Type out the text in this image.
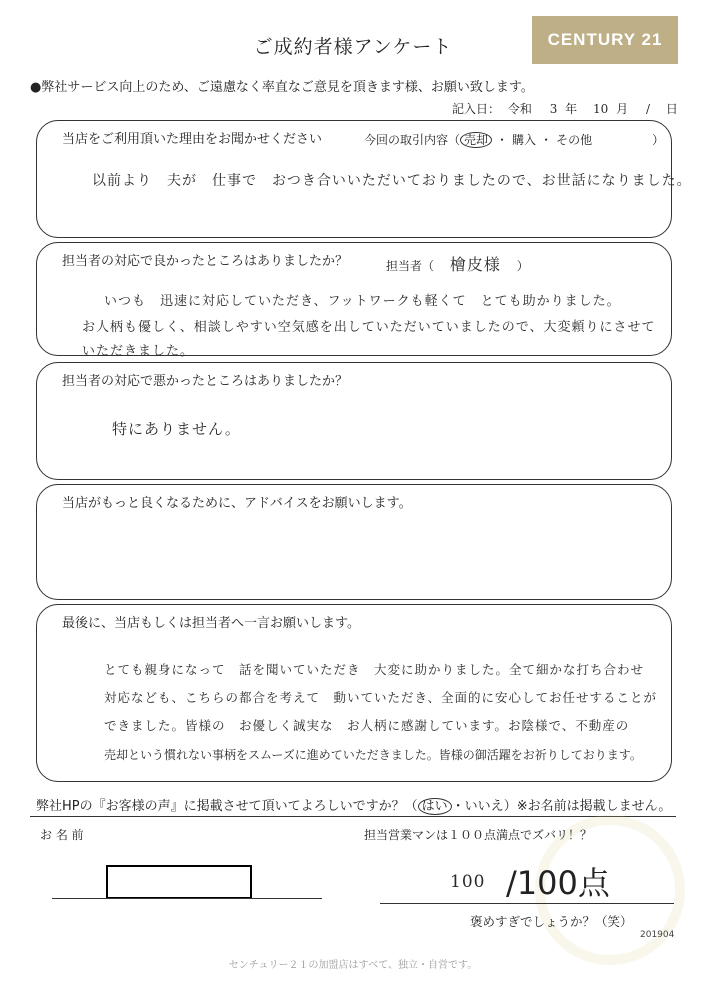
ご成約者様アンケート	CENTURY 21
●弊社サービス向上のため、ご遠慮なく率直なご意見を頂きます様、お願い致します。
記入日： 令和 3 年 10 月 / 日
当店をご利用頂いた理由をお聞かせください	今回の取引内容（ 売却 ・ 購入 ・ その他	）
以前より　夫が　仕事で　おつき合いいただいておりましたので、お世話になりました。
担当者の対応で良かったところはありましたか？	担当者（ 檜皮様 ）
いつも　迅速に対応していただき、フットワークも軽くて　とても助かりました。
お人柄も優しく、相談しやすい空気感を出していただいていましたので、大変頼りにさせて
いただきました。
担当者の対応で悪かったところはありましたか？
特にありません。
当店がもっと良くなるために、アドバイスをお願いします。
最後に、当店もしくは担当者へ一言お願いします。
とても親身になって　話を聞いていただき　大変に助かりました。全て細かな打ち合わせ
対応なども、こちらの都合を考えて　動いていただき、全面的に安心してお任せすることが
できました。皆様の　お優しく誠実な　お人柄に感謝しています。お陰様で、不動産の
売却という慣れない事柄をスムーズに進めていただきました。皆様の御活躍をお祈りしております。
弊社HPの『お客様の声』に掲載させて頂いてよろしいですか？（ はい ・いいえ）※お名前は掲載しません。
お 名 前	担当営業マンは１００点満点でズバリ！？
100 /100点
褒めすぎでしょうか？（笑）
201904
センチュリー２１の加盟店はすべて、独立・自営です。
